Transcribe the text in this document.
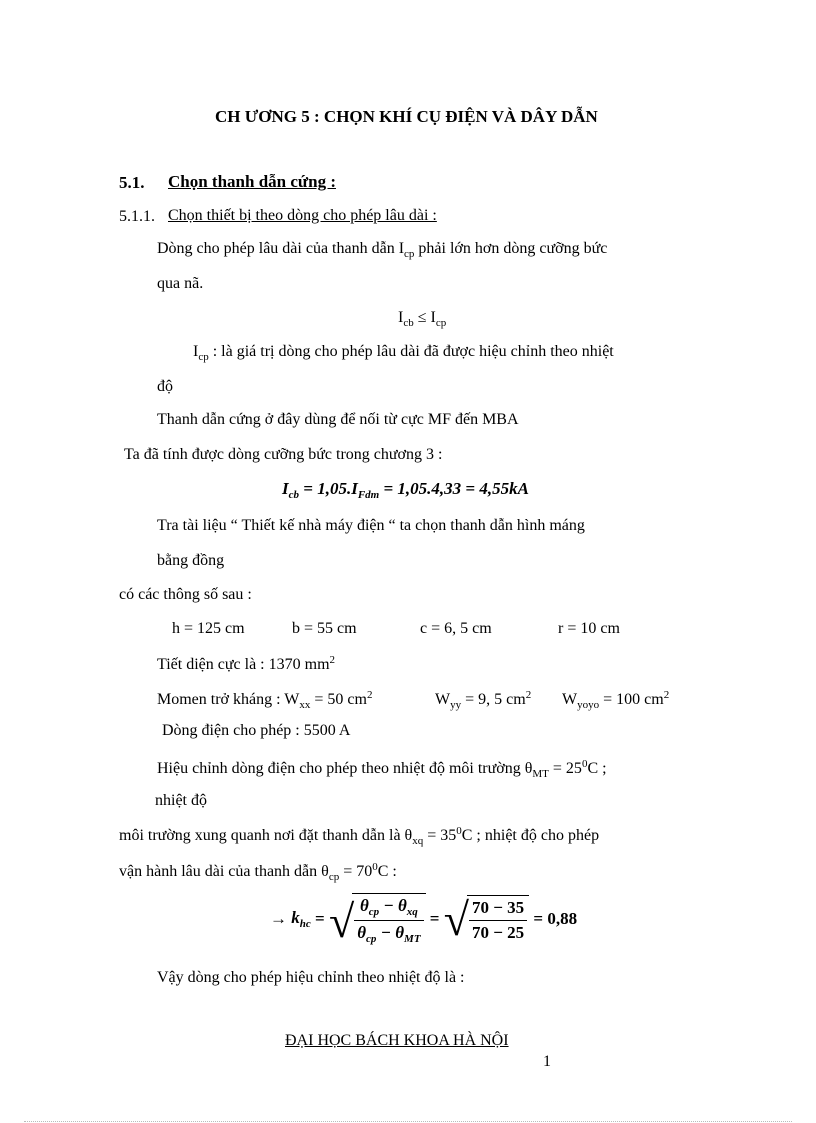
CH ƯƠNG 5 : CHỌN KHÍ CỤ ĐIỆN VÀ DÂY DẪN
5.1. Chọn thanh dẫn cứng :
5.1.1. Chọn thiết bị theo dòng cho phép lâu dài :
Dòng cho phép lâu dài của thanh dẫn $I_{cp}$ phải lớn hơn dòng cưỡng bức
qua nã.
$I_{cb} \le I_{cp}$
$I_{cp}$ : là giá trị dòng cho phép lâu dài đã được hiệu chỉnh theo nhiệt
độ
Thanh dẫn cứng ở đây dùng để nối từ cực MF đến MBA
Ta đã tính được dòng cưỡng bức trong chương 3 :
$I_{cb} = 1,05.I_{Fdm} = 1,05.4,33 = 4,55kA$
Tra tài liệu “ Thiết kế nhà máy điện “ ta chọn thanh dẫn hình máng
bằng đồng
có các thông số sau :
h = 125 cm	b = 55 cm	c = 6, 5 cm	r = 10 cm
Tiết diện cực là : 1370 $mm^2$
Momen trở kháng : $W_{xx} = 50$ $cm^2$	$W_{yy} = 9$, 5 $cm^2$ $W_{yoyo} = 100$ $cm^2$
Dòng điện cho phép : 5500 A
Hiệu chỉnh dòng điện cho phép theo nhiệt độ môi trường $\theta_{MT} = 25^0C$ ;
nhiệt độ
môi trường xung quanh nơi đặt thanh dẫn là $\theta_{xq} = 35^0C$ ; nhiệt độ cho phép
vận hành lâu dài của thanh dẫn $\theta_{cp} = 70^0C$ :
→ $k_{hc}$ = √ $\frac{\theta_{cp} - \theta_{xq}}{\theta_{cp} - \theta_{MT}}$ = √ $\frac{70 - 35}{70 - 25} = 0,88$
Vậy dòng cho phép hiệu chỉnh theo nhiệt độ là :
ĐẠI HỌC BÁCH KHOA HÀ NỘI
1
